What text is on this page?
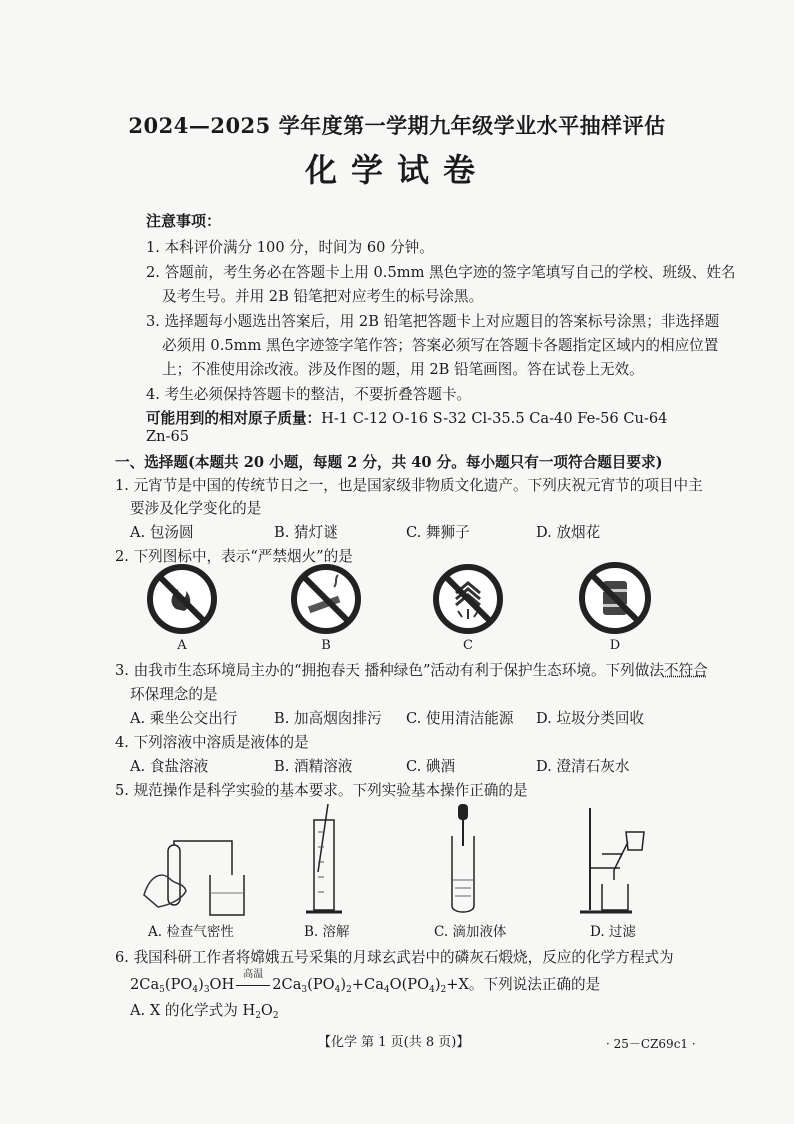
2024—2025 学年度第一学期九年级学业水平抽样评估
化学试卷
注意事项：
1. 本科评价满分 100 分，时间为 60 分钟。
2. 答题前，考生务必在答题卡上用 0.5mm 黑色字迹的签字笔填写自己的学校、班级、姓名
及考生号。并用 2B 铅笔把对应考生的标号涂黑。
3. 选择题每小题选出答案后，用 2B 铅笔把答题卡上对应题目的答案标号涂黑；非选择题
必须用 0.5mm 黑色字迹签字笔作答；答案必须写在答题卡各题指定区域内的相应位置
上；不准使用涂改液。涉及作图的题，用 2B 铅笔画图。答在试卷上无效。
4. 考生必须保持答题卡的整洁，不要折叠答题卡。
可能用到的相对原子质量：H-1 C-12 O-16 S-32 Cl-35.5 Ca-40 Fe-56 Cu-64
Zn-65
一、选择题(本题共 20 小题，每题 2 分，共 40 分。每小题只有一项符合题目要求)
1. 元宵节是中国的传统节日之一，也是国家级非物质文化遗产。下列庆祝元宵节的项目中主
要涉及化学变化的是
A. 包汤圆	B. 猜灯谜	C. 舞狮子	D. 放烟花
2. 下列图标中，表示“严禁烟火”的是
A	B	C	D
3. 由我市生态环境局主办的“拥抱春天 播种绿色”活动有利于保护生态环境。下列做法不符合
环保理念的是
A. 乘坐公交出行	B. 加高烟囱排污 C. 使用清洁能源 D. 垃圾分类回收
4. 下列溶液中溶质是液体的是
A. 食盐溶液	B. 酒精溶液	C. 碘酒	D. 澄清石灰水
5. 规范操作是科学实验的基本要求。下列实验基本操作正确的是
A. 检查气密性	B. 溶解	C. 滴加液体	D. 过滤
6. 我国科研工作者将嫦娥五号采集的月球玄武岩中的磷灰石煅烧，反应的化学方程式为
$2Ca_5(PO_4)_3OH$
高温
$2Ca_3(PO_4)_2+Ca_4O(PO_4)_2+X$。下列说法正确的是
A. X 的化学式为 $H_2O_2$
【化学 第 1 页(共 8 页)】	· 25－CZ69c1 ·
